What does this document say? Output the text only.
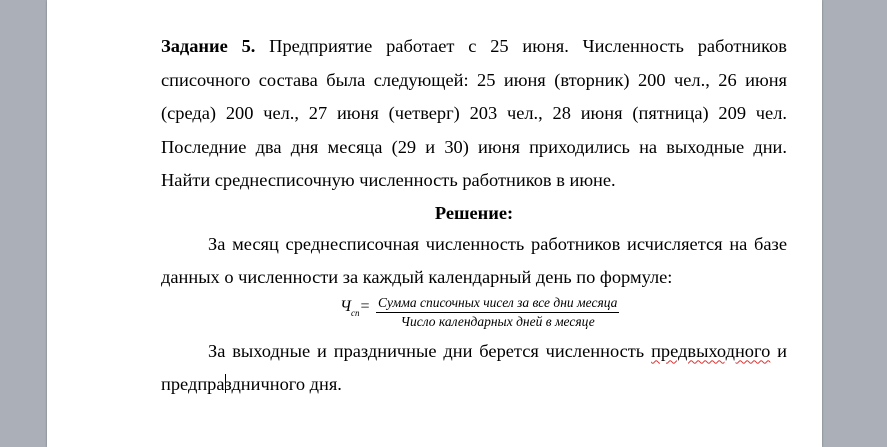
Задание 5. Предприятие работает с 25 июня. Численность работников списочного состава была следующей: 25 июня (вторник) 200 чел., 26 июня (среда) 200 чел., 27 июня (четверг) 203 чел., 28 июня (пятница) 209 чел. Последние два дня месяца (29 и 30) июня приходились на выходные дни. Найти среднесписочную численность работников в июне.

Решение:

За месяц среднесписочная численность работников исчисляется на базе данных о численности за каждый календарный день по формуле:

$Ч_{сп}=$ Сумма списочных чисел за все дни месяца
Число календарных дней в месяце

За выходные и праздничные дни берется численность предвыходного и предпраздничного дня.
